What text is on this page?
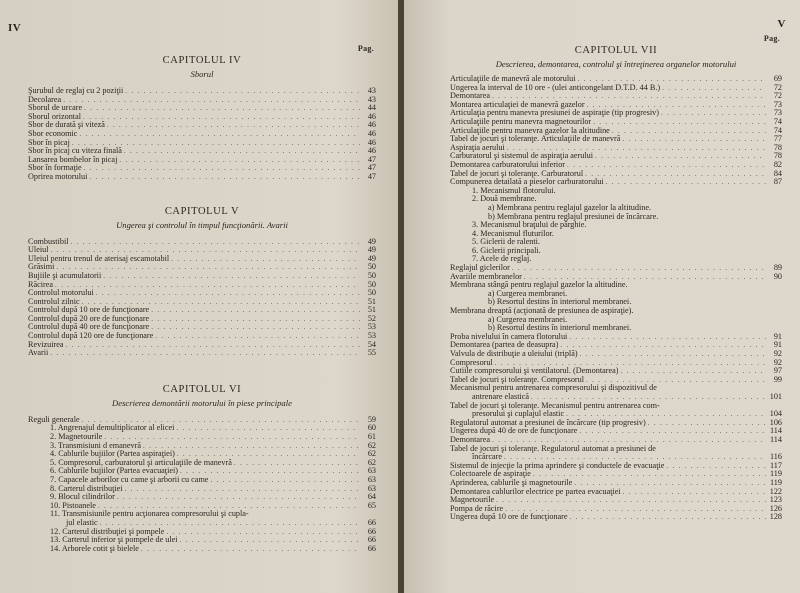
IV
Pag.
CAPITOLUL IV
Sborul
Şurubul de reglaj cu 2 poziţii . . .	43
Decolarea . . .	43
Sborul de urcare . . .	44
Sborul orizontal . . .	46
Sbor de durată şi viteză . . .	46
Sbor economic . . .	46
Sbor în picaj . . .	46
Sbor în picaj cu viteza finală . . .	46
Lansarea bombelor în picaj . . .	47
Sbor în formaţie . . .	47
Oprirea motorului . . .	47
CAPITOLUL V
Ungerea şi controlul în timpul funcţionării. Avarii
Combustibil . . .	49
Uleiul . . .	49
Uleiul pentru trenul de aterisaj escamotabil . . .	49
Grăsimi . . .	50
Bujiile şi acumulatorii . . .	50
Răcirea . . .	50
Controlul motorului . . .	50
Controlul zilnic . . .	51
Controlul după 10 ore de funcţionare . . .	51
Controlul după 20 ore de funcţionare . . .	52
Controlul după 40 ore de funcţionare . . .	53
Controlul după 120 ore de funcţionare . . .	53
Revizuirea . . .	54
Avarii . . .	55
CAPITOLUL VI
Descrierea demontării motorului în piese principale
Reguli generale . . .	59
1. Angrenajul demultiplicator al elicei . . .	60
2. Magnetourile . . .	61
3. Transmisiuni d emanevră . . .	62
4. Cablurile bujiilor (Partea aspiraţiei) . . .	62
5. Compresorul, carburatorul şi articulaţiile de manevră . . .	62
6. Cablurile bujiilor (Partea evacuaţiei) . . .	63
7. Capacele arborilor cu came şi arborii cu came . . .	63
8. Carterul distribuţiei . . .	63
9. Blocul cilindrilor . . .	64
10. Pistoanele . . .	65
11. Transmisiunile pentru acţionarea compresorului şi cupla-
jul elastic . . .	66
12. Carterul distribuţiei şi pompele . . .	66
13. Carterul inferior şi pompele de ulei . . .	66
14. Arborele cotit şi bielele . . .	66
V
Pag.
CAPITOLUL VII
Descrierea, demontarea, controlul şi întreţinerea organelor motorului
Articulaţiile de manevră ale motorului . . .	69
Ungerea la interval de 10 ore - (ulei anticongelant D.T.D. 44 B.) . . .	72
Demontarea . . .	72
Montarea articulaţiei de manevră gazelor . . .	73
Articulaţia pentru manevra presiunei de aspiraţie (tip progresiv) . . .	73
Articulaţiile pentru manevra magnetourilor . . .	74
Articulaţiile pentru manevra gazelor la altitudine . . .	74
Tabel de jocuri şi toleranţe. Articulaţiile de manevră . . .	77
Aspiraţia aerului . . .	78
Carburatorul şi sistemul de aspiraţia aerului . . .	78
Demontarea carburatorului inferior . . .	82
Tabel de jocuri şi toleranţe. Carburatorul . . .	84
Compunerea detailată a pieselor carburatorului . . .	87
1. Mecanismul flotorului.
2. Două membrane.
a) Membrana pentru reglajul gazelor la altitudine.
b) Membrana pentru reglajul presiunei de încărcare.
3. Mecanismul braţului de pârghie.
4. Mecanismul fluturilor.
5. Giclerii de ralenti.
6. Giclerii principali.
7. Acele de reglaj.
Reglajul giclerilor . . .	89
Avariile membranelor . . .	90
Membrana stângă pentru reglajul gazelor la altitudine.
a) Curgerea membranei.
b) Resortul destins în interiorul membranei.
Membrana dreaptă (acţionată de presiunea de aspiraţie).
a) Curgerea membranei.
b) Resortul destins în interiorul membranei.
Proba nivelului în camera flotorului . . .	91
Demontarea (partea de deasupra) . . .	91
Valvula de distribuţie a uleiului (triplă) . . .	92
Compresorul . . .	92
Cutiile compresorului şi ventilatorul. (Demontarea) . . .	97
Tabel de jocuri şi toleranţe. Compresorul . . .	99
Mecanismul pentru antrenarea compresorului şi dispozitivul de
antrenare elastică . . .	101
Tabel de jocuri şi toleranţe. Mecanismul pentru antrenarea com-
presorului şi cuplajul elastic . . .	104
Regulatorul automat a presiunei de încărcare (tip progresiv) . . .	106
Ungerea după 40 de ore de funcţionare . . .	114
Demontarea . . .	114
Tabel de jocuri şi toleranţe. Regulatorul automat a presiunei de
încărcare . . .	116
Sistemul de injecţie la prima aprindere şi conductele de evacuaţie . . .	117
Colectoarele de aspiraţie . . .	119
Aprinderea, cablurile şi magnetourile . . .	119
Demontarea cablurilor electrice pe partea evacuaţiei . . .	122
Magnetourile . . .	123
Pompa de răcire . . .	126
Ungerea după 10 ore de funcţionare . . .	128
